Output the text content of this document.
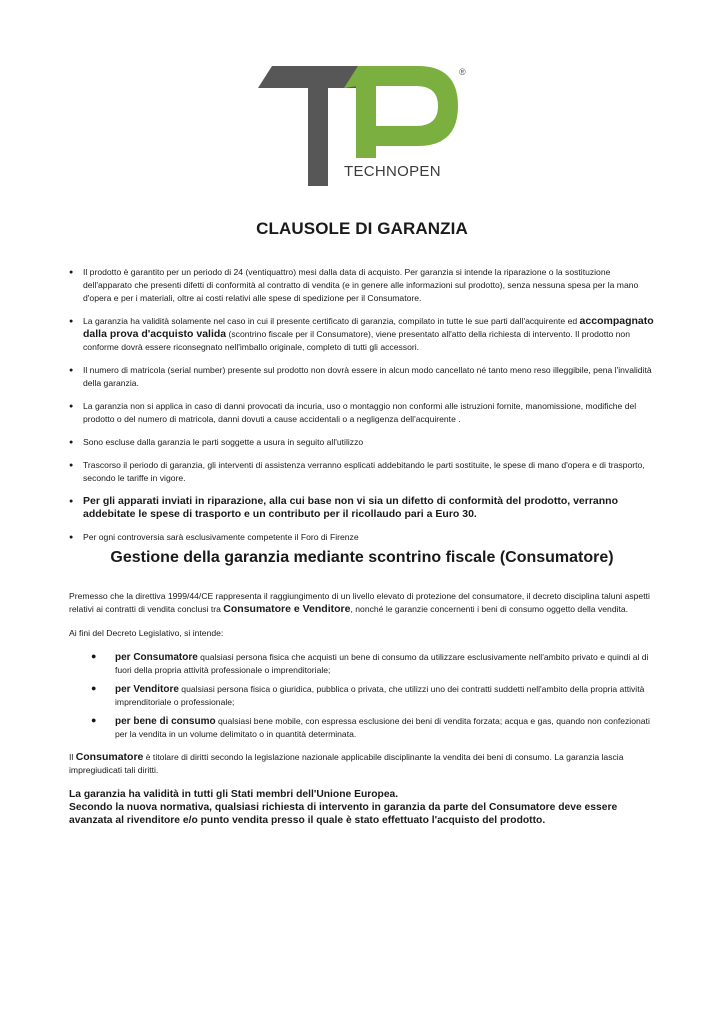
®
TECHNOPEN
CLAUSOLE DI GARANZIA
● Il prodotto è garantito per un periodo di 24 (ventiquattro) mesi dalla data di acquisto. Per garanzia si intende la riparazione o la sostituzione dell'apparato che presenti difetti di conformità al contratto di vendita (e in genere alle informazioni sul prodotto), senza nessuna spesa per la mano d'opera e per i materiali, oltre ai costi relativi alle spese di spedizione per il Consumatore.
● La garanzia ha validità solamente nel caso in cui il presente certificato di garanzia, compilato in tutte le sue parti dall'acquirente ed accompagnato dalla prova d'acquisto valida (scontrino fiscale per il Consumatore), viene presentato all'atto della richiesta di intervento. Il prodotto non conforme dovrà essere riconsegnato nell'imballo originale, completo di tutti gli accessori.
● Il numero di matricola (serial number) presente sul prodotto non dovrà essere in alcun modo cancellato né tanto meno reso illeggibile, pena l'invalidità della garanzia.
● La garanzia non si applica in caso di danni provocati da incuria, uso o montaggio non conformi alle istruzioni fornite, manomissione, modifiche del prodotto o del numero di matricola, danni dovuti a cause accidentali o a negligenza dell'acquirente .
● Sono escluse dalla garanzia le parti soggette a usura in seguito all'utilizzo
● Trascorso il periodo di garanzia, gli interventi di assistenza verranno esplicati addebitando le parti sostituite, le spese di mano d'opera e di trasporto, secondo le tariffe in vigore.
● Per gli apparati inviati in riparazione, alla cui base non vi sia un difetto di conformità del prodotto, verranno addebitate le spese di trasporto e un contributo per il ricollaudo pari a Euro 30.
● Per ogni controversia sarà esclusivamente competente il Foro di Firenze
Gestione della garanzia mediante scontrino fiscale (Consumatore)

Premesso che la direttiva 1999/44/CE rappresenta il raggiungimento di un livello elevato di protezione del consumatore, il decreto disciplina taluni aspetti relativi ai contratti di vendita conclusi tra Consumatore e Venditore, nonché le garanzie concernenti i beni di consumo oggetto della vendita.

Ai fini del Decreto Legislativo, si intende:

● per Consumatore qualsiasi persona fisica che acquisti un bene di consumo da utilizzare esclusivamente nell'ambito privato e quindi al di fuori della propria attività professionale o imprenditoriale;
● per Venditore qualsiasi persona fisica o giuridica, pubblica o privata, che utilizzi uno dei contratti suddetti nell'ambito della propria attività imprenditoriale o professionale;
● per bene di consumo qualsiasi bene mobile, con espressa esclusione dei beni di vendita forzata; acqua e gas, quando non confezionati per la vendita in un volume delimitato o in quantità determinata.

Il Consumatore è titolare di diritti secondo la legislazione nazionale applicabile disciplinante la vendita dei beni di consumo. La garanzia lascia impregiudicati tali diritti.

La garanzia ha validità in tutti gli Stati membri dell'Unione Europea.
Secondo la nuova normativa, qualsiasi richiesta di intervento in garanzia da parte del Consumatore deve essere avanzata al rivenditore e/o punto vendita presso il quale è stato effettuato l'acquisto del prodotto.
